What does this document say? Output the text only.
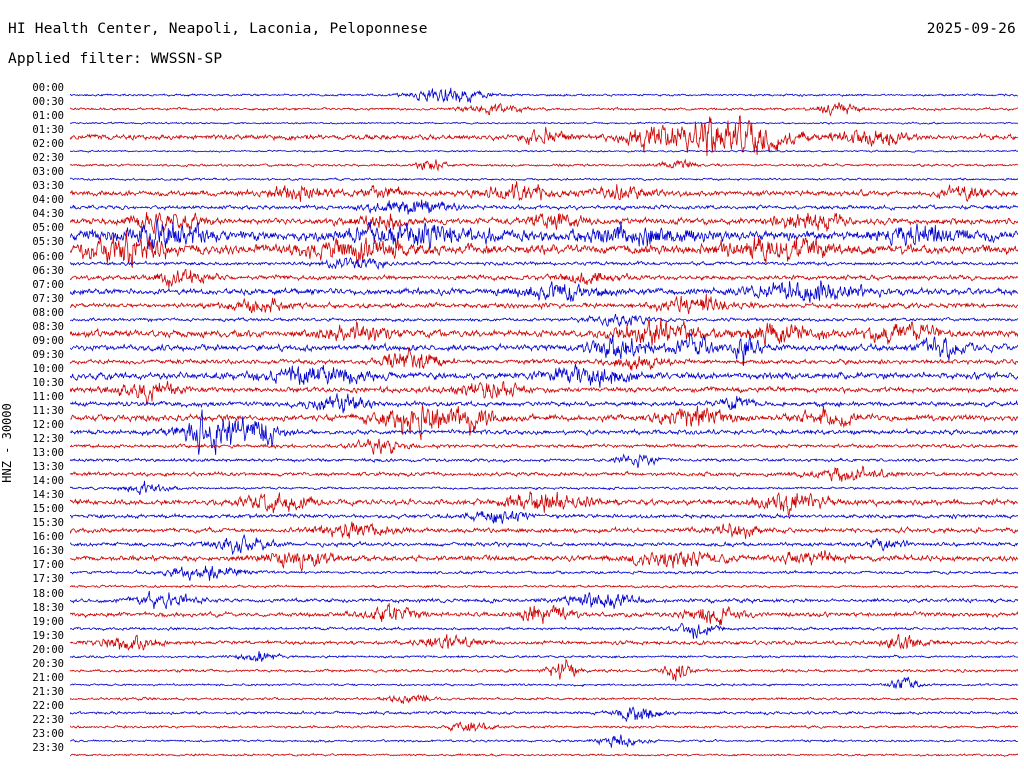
HI Health Center, Neapoli, Laconia, Peloponnese	2025-09-26
Applied filter: WWSSN-SP
HNZ - 30000
00:00
00:30
01:00
01:30
02:00
02:30
03:00
03:30
04:00
04:30
05:00
05:30
06:00
06:30
07:00
07:30
08:00
08:30
09:00
09:30
10:00
10:30
11:00
11:30
12:00
12:30
13:00
13:30
14:00
14:30
15:00
15:30
16:00
16:30
17:00
17:30
18:00
18:30
19:00
19:30
20:00
20:30
21:00
21:30
22:00
22:30
23:00
23:30
